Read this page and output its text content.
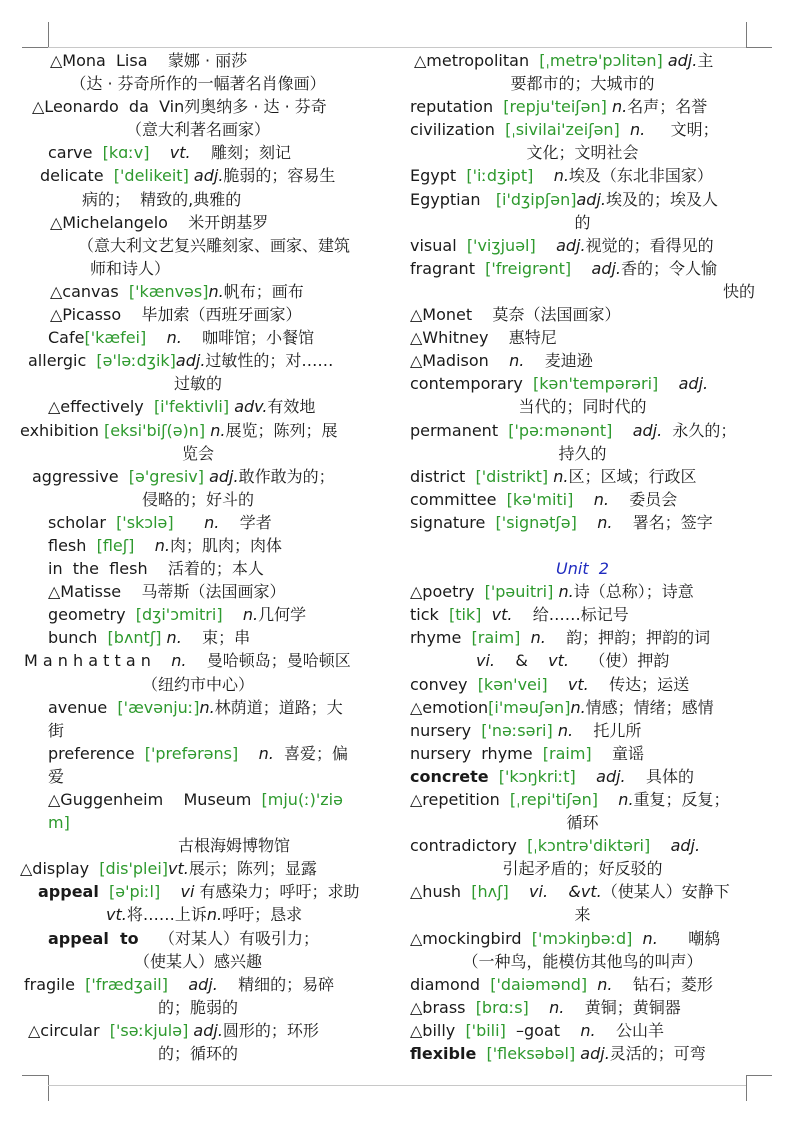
△Mona  Lisa    蒙娜 · 丽莎
（达 · 芬奇所作的一幅著名肖像画）
△Leonardo  da  Vin列奥纳多 · 达 · 芬奇
（意大利著名画家）
carve  [kɑːv] vt.    雕刻；刻记
delicate  ['delikeit] adj.脆弱的；容易生
病的；  精致的,典雅的
△Michelangelo    米开朗基罗
（意大利文艺复兴雕刻家、画家、建筑
师和诗人）
△canvas  ['kænvəs]n.帆布；画布
△Picasso    毕加索（西班牙画家）
Cafe['kæfei] n.    咖啡馆；小餐馆
allergic  [ə'ləːdʒik]adj.过敏性的；对……
过敏的
△effectively  [i'fektivli] adv.有效地
exhibition [eksi'biʃ(ə)n] n.展览；陈列；展
览会
aggressive  [ə'gresiv] adj.敢作敢为的；
侵略的；好斗的
scholar  ['skɔlə] n.    学者
flesh  [fleʃ] n.肉；肌肉；肉体
in  the  flesh    活着的；本人
△Matisse    马蒂斯（法国画家）
geometry  [dʒi'ɔmitri] n.几何学
bunch  [bʌntʃ] n.    束；串
M a n h a t t a n    n.    曼哈顿岛；曼哈顿区
（纽约市中心）
avenue  ['ævənjuː]n.林荫道；道路；大
街
preference  ['prefərəns] n.  喜爱；偏
爱
△Guggenheim    Museum  [mju(ː)'ziə
m]
古根海姆博物馆
△display  [dis'plei]vt.展示；陈列；显露
appeal [ə'piːl] vi 有感染力；呼吁；求助
vt.将……上诉n.呼吁；恳求
appeal  to    （对某人）有吸引力；
（使某人）感兴趣
fragile  ['frædʒail] adj.    精细的；易碎
的；脆弱的
△circular  ['səːkjulə] adj.圆形的；环形
的；循环的
△metropolitan  [ˌmetrə'pɔlitən] adj.主
要都市的；大城市的
reputation  [repju'teiʃən] n.名声；名誉
civilization  [ˌsivilai'zeiʃən] n.     文明；
文化；文明社会
Egypt  ['iːdʒipt] n.埃及（东北非国家）
Egyptian   [i'dʒipʃən]adj.埃及的；埃及人
的
visual  ['viʒjuəl] adj.视觉的；看得见的
fragrant  ['freigrənt] adj.香的；令人愉
快的
△Monet    莫奈（法国画家）
△Whitney    惠特尼
△Madison    n.    麦迪逊
contemporary  [kən'tempərəri] adj.
当代的；同时代的
permanent  ['pəːmənənt] adj.  永久的；
持久的
district  ['distrikt] n.区；区域；行政区
committee  [kə'miti] n.    委员会
signature  ['signətʃə] n.    署名；签字
Unit  2
△poetry  ['pəuitri] n.诗（总称）；诗意
tick  [tik] vt.    给……标记号
rhyme  [raim] n.    韵；押韵；押韵的词
vi.    &    vt.    （使）押韵
convey  [kən'vei] vt.    传达；运送
△emotion[i'məuʃən]n.情感；情绪；感情
nursery  ['nəːsəri] n.    托儿所
nursery  rhyme  [raim]    童谣
concrete ['kɔŋkriːt] adj.    具体的
△repetition  [ˌrepi'tiʃən] n.重复；反复；
循环
contradictory  [ˌkɔntrə'diktəri] adj.
引起矛盾的；好反驳的
△hush  [hʌʃ] vi. &vt.（使某人）安静下
来
△mockingbird  ['mɔkiŋbəːd] n.      嘲鸫
（一种鸟，能模仿其他鸟的叫声）
diamond  ['daiəmənd] n.    钻石；菱形
△brass  [brɑːs] n.    黄铜；黄铜器
△billy  ['bili]  –goat    n.    公山羊
flexible ['fleksəbəl] adj.灵活的；可弯
